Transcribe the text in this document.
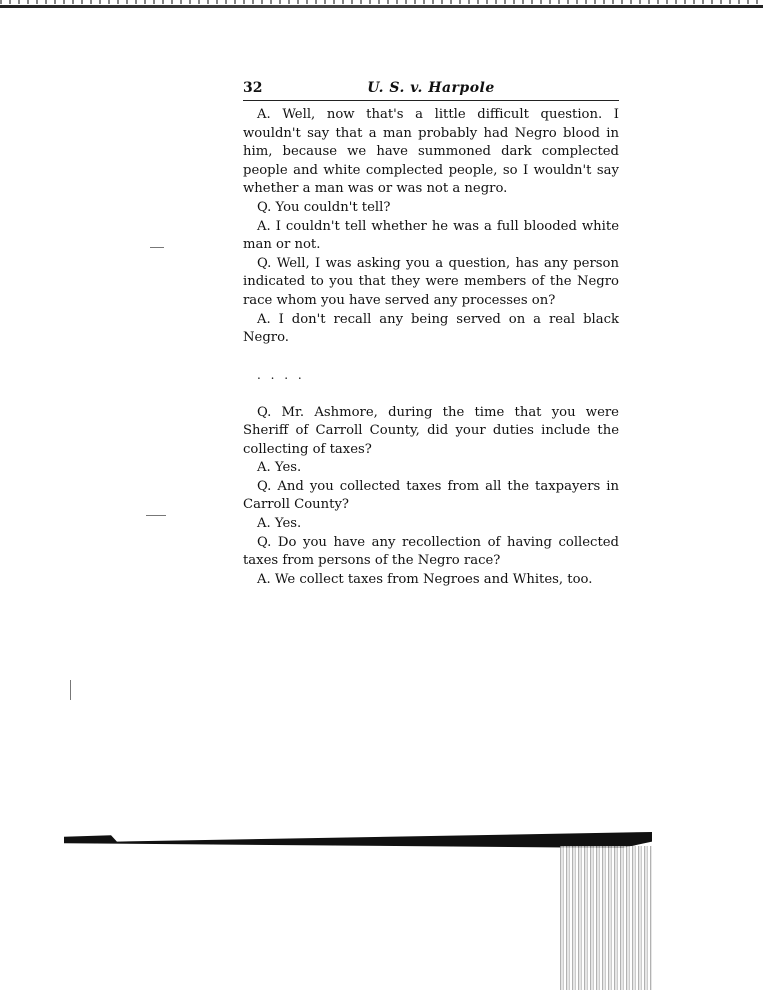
32	U. S. v. Harpole

A. Well, now that's a little difficult question. I wouldn't say that a man probably had Negro blood in him, because we have summoned dark complected people and white complected people, so I wouldn't say whether a man was or was not a negro.

Q. You couldn't tell?

A. I couldn't tell whether he was a full blooded white man or not.

Q. Well, I was asking you a question, has any person indicated to you that they were members of the Negro race whom you have served any processes on?

A. I don't recall any being served on a real black Negro.

. . . .

Q. Mr. Ashmore, during the time that you were Sheriff of Carroll County, did your duties include the collecting of taxes?

A. Yes.

Q. And you collected taxes from all the taxpayers in Carroll County?

A. Yes.

Q. Do you have any recollection of having collected taxes from persons of the Negro race?

A. We collect taxes from Negroes and Whites, too.
